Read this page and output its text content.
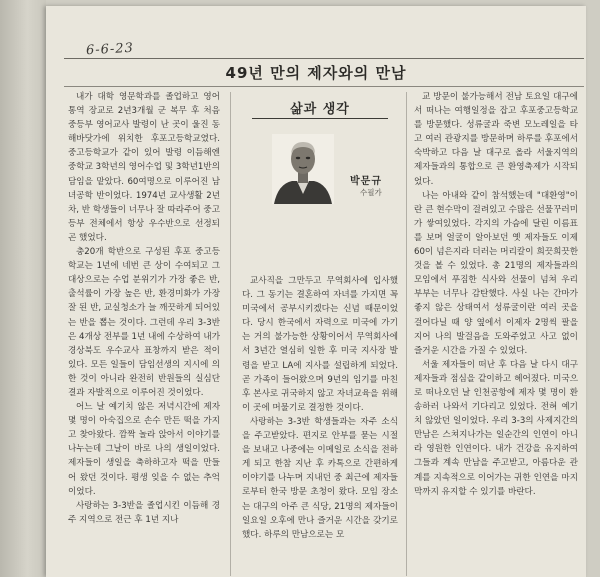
6-6-23
49년 만의 제자와의 만남

내가 대학 영문학과를 졸업하고 영어 통역 장교로 2년3개월 군 복무 후 처음 중등부 영어교사 발령이 난 곳이 울진 동해바닷가에 위치한 후포고등학교였다. 중고등학교가 같이 있어 발령 이듬해엔 중학교 3학년의 영어수업 및 3학년1반의 담임을 맡았다. 60여명으로 이루어진 남녀공학 반이었다. 1974년 교사생활 2년차, 반 학생들이 너무나 잘 따라주어 중고등부 전체에서 항상 우수반으로 선정되곤 했었다.

충20개 학반으로 구성된 후포 중고등학교는 1년에 네번 큰 상이 수여되고 그 대상으로는 수업 분위기가 가장 좋은 반, 출석률이 가장 높은 반, 환경미화가 가장 잘 된 반, 교실청소가 늘 깨끗하게 되어있는 반을 뽑는 것이다. 그런데 우리 3-3반은 4개상 전부를 1년 내에 수상하여 내가 경상북도 우수교사 표창까지 받은 적이 있다. 모든 일들이 담임선생의 지시에 의한 것이 아니라 완전히 반원들의 실심단결과 자발적으로 이루어진 것이었다.

어느 날 예기치 않은 저녁시간에 제자 몇 명이 아숙집으로 손수 만든 떡을 가지고 찾아왔다. 깜짝 놀라 앉아서 이야기를 나누는데 그날이 바로 나의 생일이었다. 제자들이 생일을 축하하고자 떡을 만들어 왔던 것이다. 평생 잊을 수 없는 추억이었다.

사랑하는 3-3반을 졸업시킨 이듬해 경주 지역으로 전근 후 1년 지나

삶과 생각
박문규
수필가

교사직을 그만두고 무역회사에 입사했다. 그 동기는 결혼하여 자녀를 가지면 꼭 미국에서 공부시키겠다는 신념 때문이었다. 당시 한국에서 자력으로 미국에 가기는 거의 불가능한 상황이어서 무역회사에서 3년간 열심히 일한 후 미국 지사장 발령을 받고 LA에 지사를 설립하게 되었다. 곧 가족이 들어왔으며 9년의 임기를 마친 후 본사로 귀국하지 않고 자녀교육을 위해 이 곳에 머물기로 결정한 것이다.

사랑하는 3-3반 학생들과는 자주 소식을 주고받았다. 편지로 안부를 묻는 시절을 보내고 나중에는 이메일로 소식을 전하게 되고 한참 지난 후 카톡으로 간편하게 이야기를 나누며 지내던 중 최근에 제자들로부터 한국 방문 초청이 왔다. 모임 장소는 대구의 아주 큰 식당, 21명의 제자들이 일요일 오후에 만나 즐거운 시간을 갖기로 했다. 하루의 만남으로는 모

교 방문이 불가능해서 전남 토요일 대구에서 떠나는 여행일정을 잡고 후포중고등학교를 방문했다. 성류굴과 죽변 모노레일을 타고 여러 관광지를 방문하며 하루를 후포에서 숙박하고 다음 날 대구로 올라 서울지역의 제자들과의 통합으로 큰 환영축제가 시작되었다.

나는 아내와 같이 참석했는데 "대환영"이란 큰 현수막이 걸려있고 수많은 선물꾸러미가 쌓여있었다. 각지의 가슴에 달린 이름표를 보며 얼굴이 알아보던 옛 제자들도 이제 60이 넘은지라 더러는 머리칼이 희끗희끗한 것을 볼 수 있었다. 총 21명의 제자들과의 모임에서 푸짐한 식사와 선물이 넘쳐 우리 부부는 너무나 감탄했다. 사실 나는 간마가 좋지 않은 상태여서 성류굴이란 여러 곳을 걸어다닐 때 양 옆에서 이제자 2명씩 팔을 지어 나의 발걸음을 도와주었고 사고 없이 즐거운 시간을 가질 수 있었다.

서울 제자들이 떠난 후 다음 날 다시 대구 제자들과 점심을 같이하고 헤어졌다. 미국으로 떠나오던 날 인천공항에 제자 몇 명이 환송하러 나와서 기다리고 있었다. 전혀 예기치 않았던 일이었다. 우리 3-3의 사제지간의 만남은 스쳐지나가는 일순간의 인연이 아니라 영원한 인연이다. 내가 건강을 유지하여 그들과 계속 만남을 주고받고, 아름다운 관계를 지속적으로 이어가는 귀한 인연을 마지막까지 유지할 수 있기를 바란다.
